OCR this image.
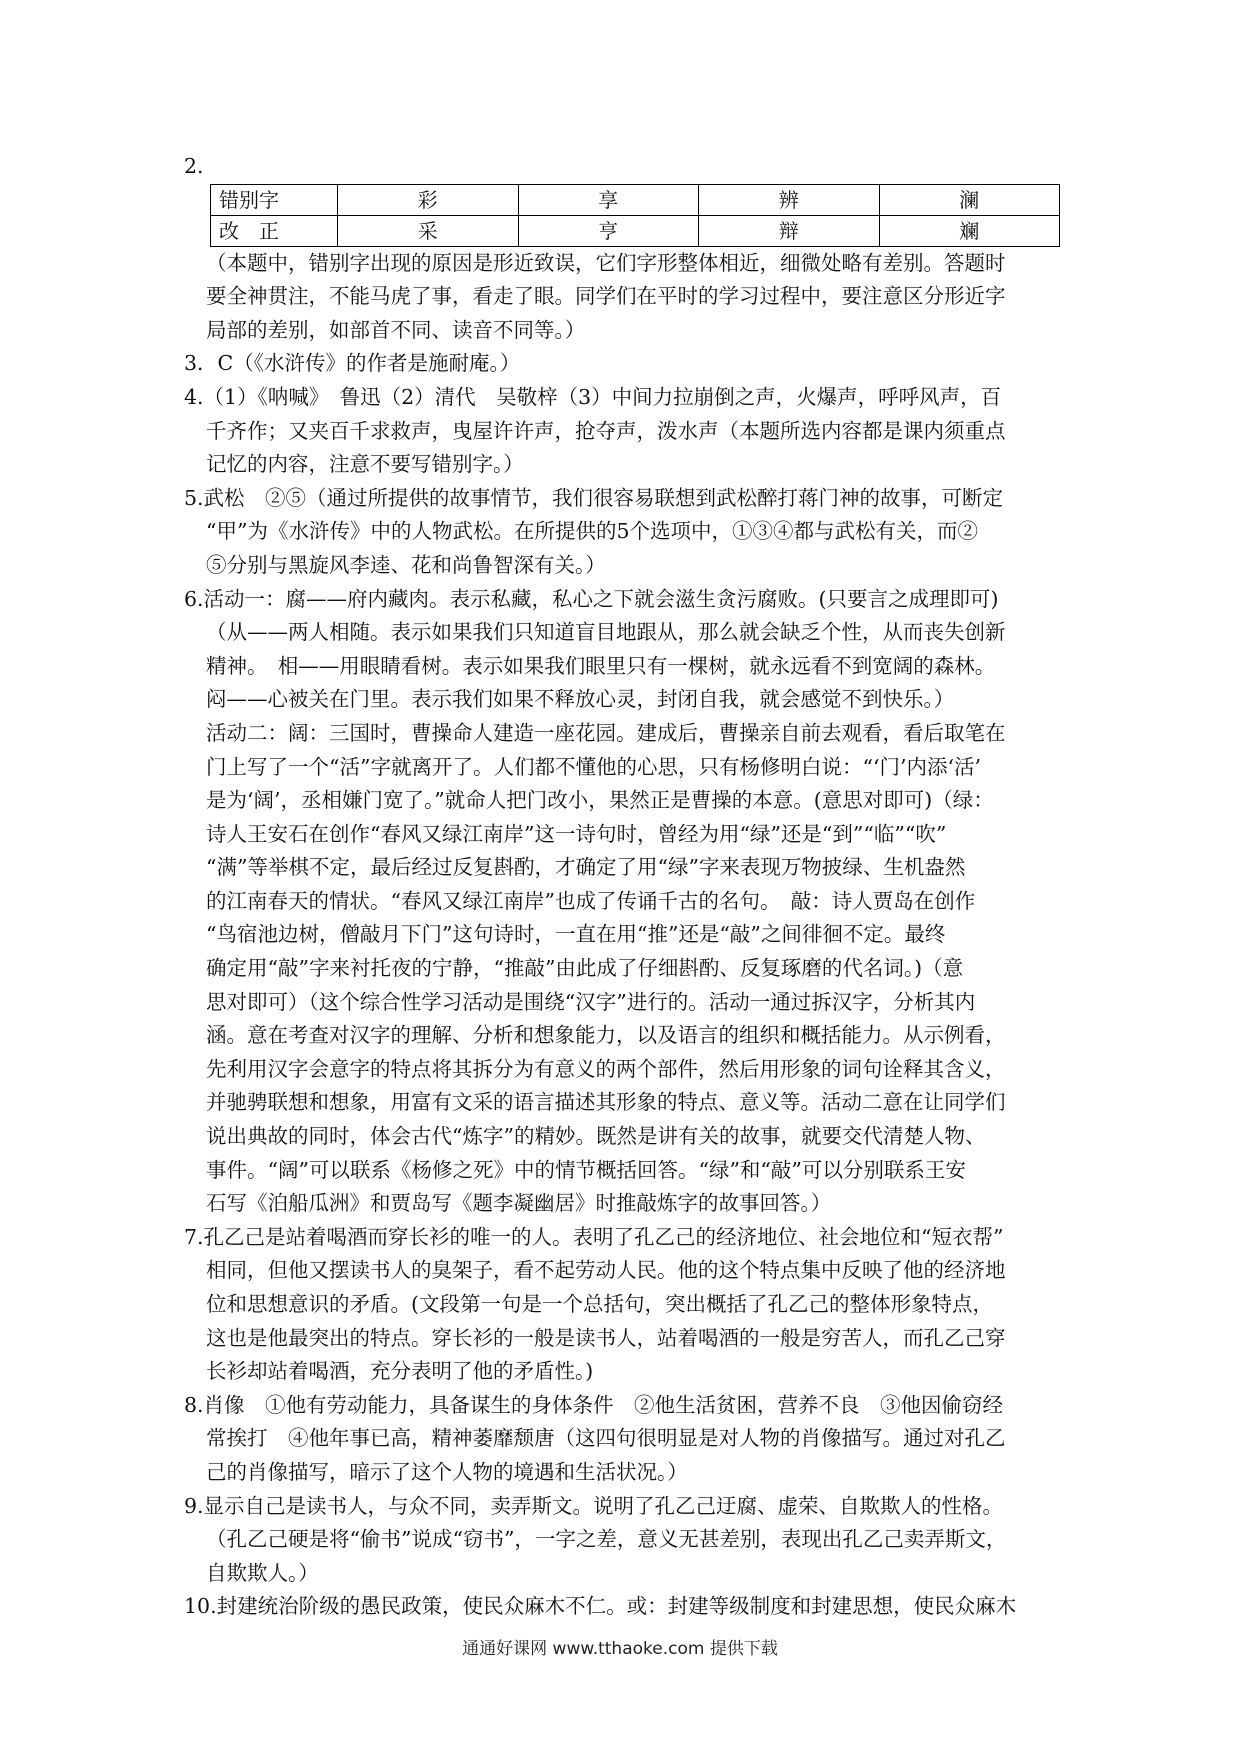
2.

错别字	彩	享	辨	澜
改　正	采	亨	辩	斓

（本题中，错别字出现的原因是形近致误，它们字形整体相近，细微处略有差别。答题时

要全神贯注，不能马虎了事，看走了眼。同学们在平时的学习过程中，要注意区分形近字

局部的差别，如部首不同、读音不同等。）

3．C（《水浒传》的作者是施耐庵。）

4.（1）《呐喊》　鲁迅（2）清代　吴敬梓（3）中间力拉崩倒之声，火爆声，呼呼风声，百

千齐作；又夹百千求救声，曳屋许许声，抢夺声，泼水声（本题所选内容都是课内须重点

记忆的内容，注意不要写错别字。）

5.武松　②⑤（通过所提供的故事情节，我们很容易联想到武松醉打蒋门神的故事，可断定

“甲”为《水浒传》中的人物武松。在所提供的5个选项中，①③④都与武松有关，而②

⑤分别与黑旋风李逵、花和尚鲁智深有关。）

6.活动一：腐——府内藏肉。表示私藏，私心之下就会滋生贪污腐败。(只要言之成理即可)

（从——两人相随。表示如果我们只知道盲目地跟从，那么就会缺乏个性，从而丧失创新

精神。　相——用眼睛看树。表示如果我们眼里只有一棵树，就永远看不到宽阔的森林。

闷——心被关在门里。表示我们如果不释放心灵，封闭自我，就会感觉不到快乐。）

活动二：阔：三国时，曹操命人建造一座花园。建成后，曹操亲自前去观看，看后取笔在

门上写了一个“活”字就离开了。人们都不懂他的心思，只有杨修明白说：“‘门’内添‘活’

是为‘阔’，丞相嫌门宽了。”就命人把门改小，果然正是曹操的本意。(意思对即可)（绿：

诗人王安石在创作“春风又绿江南岸”这一诗句时，曾经为用“绿”还是“到”“临”“吹”

“满”等举棋不定，最后经过反复斟酌，才确定了用“绿”字来表现万物披绿、生机盎然

的江南春天的情状。“春风又绿江南岸”也成了传诵千古的名句。　敲：诗人贾岛在创作

“鸟宿池边树，僧敲月下门”这句诗时，一直在用“推”还是“敲”之间徘徊不定。最终

确定用“敲”字来衬托夜的宁静，“推敲”由此成了仔细斟酌、反复琢磨的代名词。)（意

思对即可）（这个综合性学习活动是围绕“汉字”进行的。活动一通过拆汉字，分析其内

涵。意在考查对汉字的理解、分析和想象能力，以及语言的组织和概括能力。从示例看，

先利用汉字会意字的特点将其拆分为有意义的两个部件，然后用形象的词句诠释其含义，

并驰骋联想和想象，用富有文采的语言描述其形象的特点、意义等。活动二意在让同学们

说出典故的同时，体会古代“炼字”的精妙。既然是讲有关的故事，就要交代清楚人物、

事件。“阔”可以联系《杨修之死》中的情节概括回答。“绿”和“敲”可以分别联系王安

石写《泊船瓜洲》和贾岛写《题李凝幽居》时推敲炼字的故事回答。）

7.孔乙己是站着喝酒而穿长衫的唯一的人。表明了孔乙己的经济地位、社会地位和“短衣帮”

相同，但他又摆读书人的臭架子，看不起劳动人民。他的这个特点集中反映了他的经济地

位和思想意识的矛盾。(文段第一句是一个总括句，突出概括了孔乙己的整体形象特点，

这也是他最突出的特点。穿长衫的一般是读书人，站着喝酒的一般是穷苦人，而孔乙己穿

长衫却站着喝酒，充分表明了他的矛盾性。)

8.肖像　①他有劳动能力，具备谋生的身体条件　②他生活贫困，营养不良　③他因偷窃经

常挨打　④他年事已高，精神萎靡颓唐（这四句很明显是对人物的肖像描写。通过对孔乙

己的肖像描写，暗示了这个人物的境遇和生活状况。）

9.显示自己是读书人，与众不同，卖弄斯文。说明了孔乙己迂腐、虚荣、自欺欺人的性格。

（孔乙己硬是将“偷书”说成“窃书”，一字之差，意义无甚差别，表现出孔乙己卖弄斯文，

自欺欺人。）

10.封建统治阶级的愚民政策，使民众麻木不仁。或：封建等级制度和封建思想，使民众麻木

通通好课网 www.tthaoke.com 提供下载
